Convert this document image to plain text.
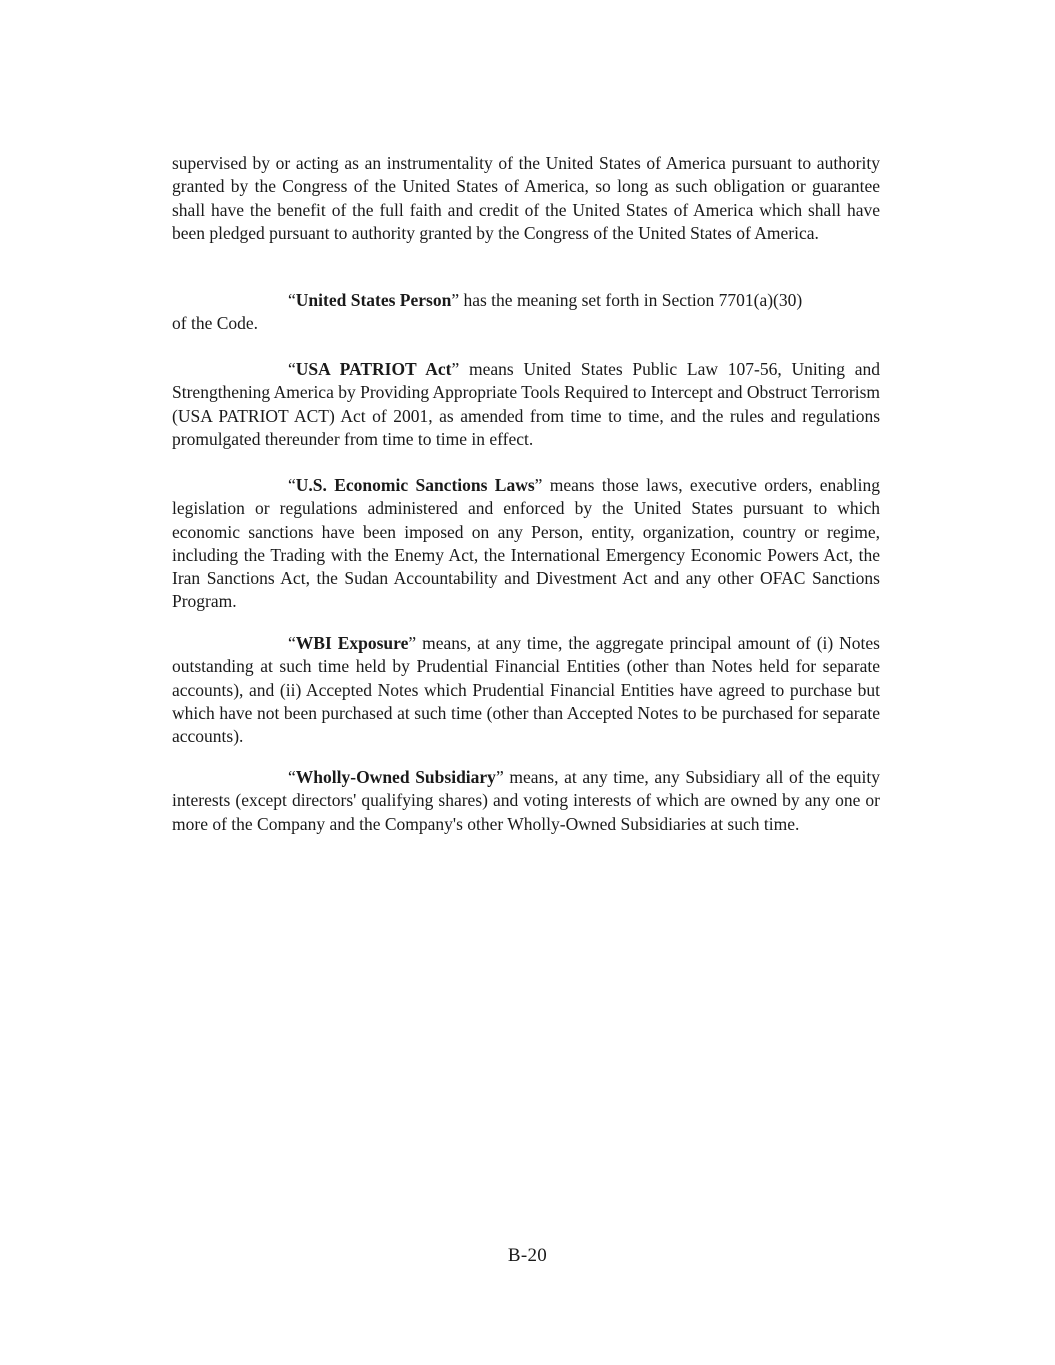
supervised by or acting as an instrumentality of the United States of America pursuant to authority granted by the Congress of the United States of America, so long as such obligation or guarantee shall have the benefit of the full faith and credit of the United States of America which shall have been pledged pursuant to authority granted by the Congress of the United States of America.

“United States Person” has the meaning set forth in Section 7701(a)(30)

of the Code.

“USA PATRIOT Act” means United States Public Law 107-56, Uniting and Strengthening America by Providing Appropriate Tools Required to Intercept and Obstruct Terrorism (USA PATRIOT ACT) Act of 2001, as amended from time to time, and the rules and regulations promulgated thereunder from time to time in effect.

“U.S. Economic Sanctions Laws” means those laws, executive orders, enabling legislation or regulations administered and enforced by the United States pursuant to which economic sanctions have been imposed on any Person, entity, organization, country or regime, including the Trading with the Enemy Act, the International Emergency Economic Powers Act, the Iran Sanctions Act, the Sudan Accountability and Divestment Act and any other OFAC Sanctions Program.

“WBI Exposure” means, at any time, the aggregate principal amount of (i) Notes outstanding at such time held by Prudential Financial Entities (other than Notes held for separate accounts), and (ii) Accepted Notes which Prudential Financial Entities have agreed to purchase but which have not been purchased at such time (other than Accepted Notes to be purchased for separate accounts).

“Wholly-Owned Subsidiary” means, at any time, any Subsidiary all of the equity interests (except directors' qualifying shares) and voting interests of which are owned by any one or more of the Company and the Company's other Wholly-Owned Subsidiaries at such time.

B-20
